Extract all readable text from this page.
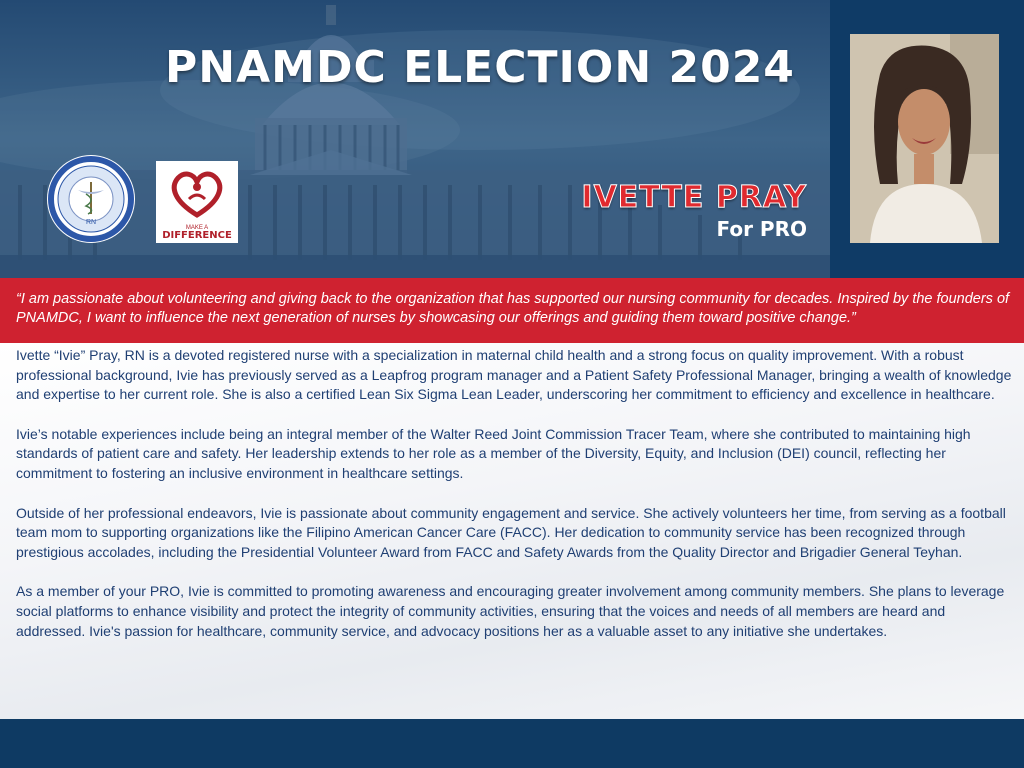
PNAMDC ELECTION 2024
RN
MAKE A
DIFFERENCE
IVETTE PRAY
For PRO
“I am passionate about volunteering and giving back to the organization that has supported our nursing community for decades. Inspired by the founders of PNAMDC, I want to influence the next generation of nurses by showcasing our offerings and guiding them toward positive change.”

Ivette “Ivie” Pray, RN is a devoted registered nurse with a specialization in maternal child health and a strong focus on quality improvement. With a robust professional background, Ivie has previously served as a Leapfrog program manager and a Patient Safety Professional Manager, bringing a wealth of knowledge and expertise to her current role. She is also a certified Lean Six Sigma Lean Leader, underscoring her commitment to efficiency and excellence in healthcare.

Ivie’s notable experiences include being an integral member of the Walter Reed Joint Commission Tracer Team, where she contributed to maintaining high standards of patient care and safety. Her leadership extends to her role as a member of the Diversity, Equity, and Inclusion (DEI) council, reflecting her commitment to fostering an inclusive environment in healthcare settings.

Outside of her professional endeavors, Ivie is passionate about community engagement and service. She actively volunteers her time, from serving as a football team mom to supporting organizations like the Filipino American Cancer Care (FACC). Her dedication to community service has been recognized through prestigious accolades, including the Presidential Volunteer Award from FACC and Safety Awards from the Quality Director and Brigadier General Teyhan.

As a member of your PRO, Ivie is committed to promoting awareness and encouraging greater involvement among community members. She plans to leverage social platforms to enhance visibility and protect the integrity of community activities, ensuring that the voices and needs of all members are heard and addressed. Ivie's passion for healthcare, community service, and advocacy positions her as a valuable asset to any initiative she undertakes.
